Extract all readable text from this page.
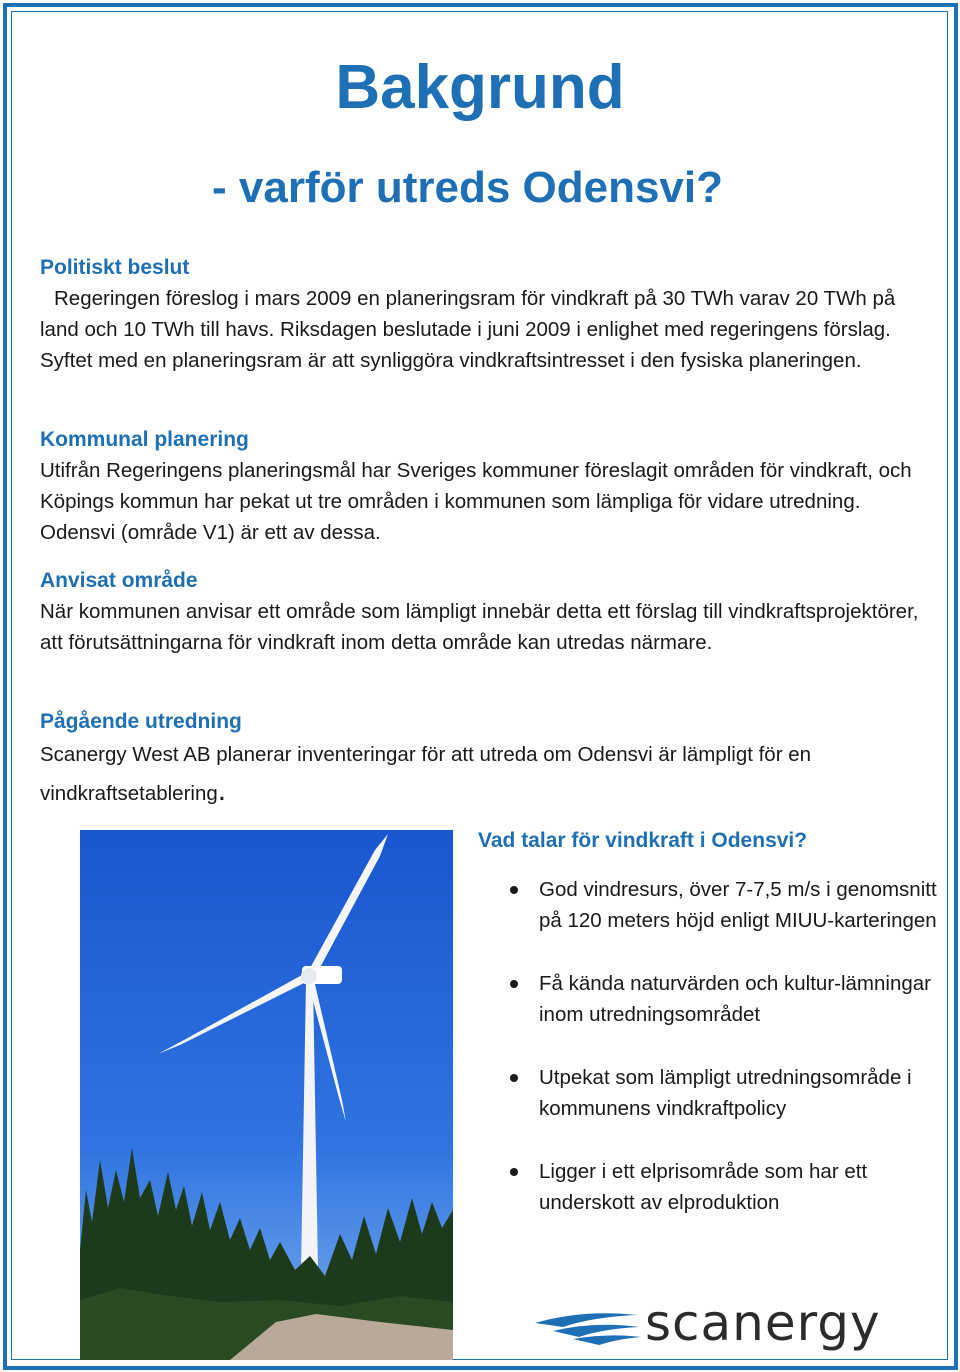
Bakgrund
- varför utreds Odensvi?
Politiskt beslut

Regeringen föreslog i mars 2009 en planeringsram för vindkraft på 30 TWh varav 20 TWh på land och 10 TWh till havs. Riksdagen beslutade i juni 2009 i enlighet med regeringens förslag. Syftet med en planeringsram är att synliggöra vindkraftsintresset i den fysiska planeringen.

Kommunal planering

Utifrån Regeringens planeringsmål har Sveriges kommuner föreslagit områden för vindkraft, och Köpings kommun har pekat ut tre områden i kommunen som lämpliga för vidare utredning. Odensvi (område V1) är ett av dessa.

Anvisat område

När kommunen anvisar ett område som lämpligt innebär detta ett förslag till vindkraftsprojektörer, att förutsättningarna för vindkraft inom detta område kan utredas närmare.

Pågående utredning

Scanergy West AB planerar inventeringar för att utreda om Odensvi är lämpligt för en vindkraftsetablering.

Vad talar för vindkraft i Odensvi?
God vindresurs, över 7-7,5 m/s i genomsnitt på 120 meters höjd enligt MIUU-karteringen
Få kända naturvärden och kultur-lämningar inom utredningsområdet
Utpekat som lämpligt utredningsområde i kommunens vindkraftpolicy
Ligger i ett elprisområde som har ett underskott av elproduktion
scanergy
